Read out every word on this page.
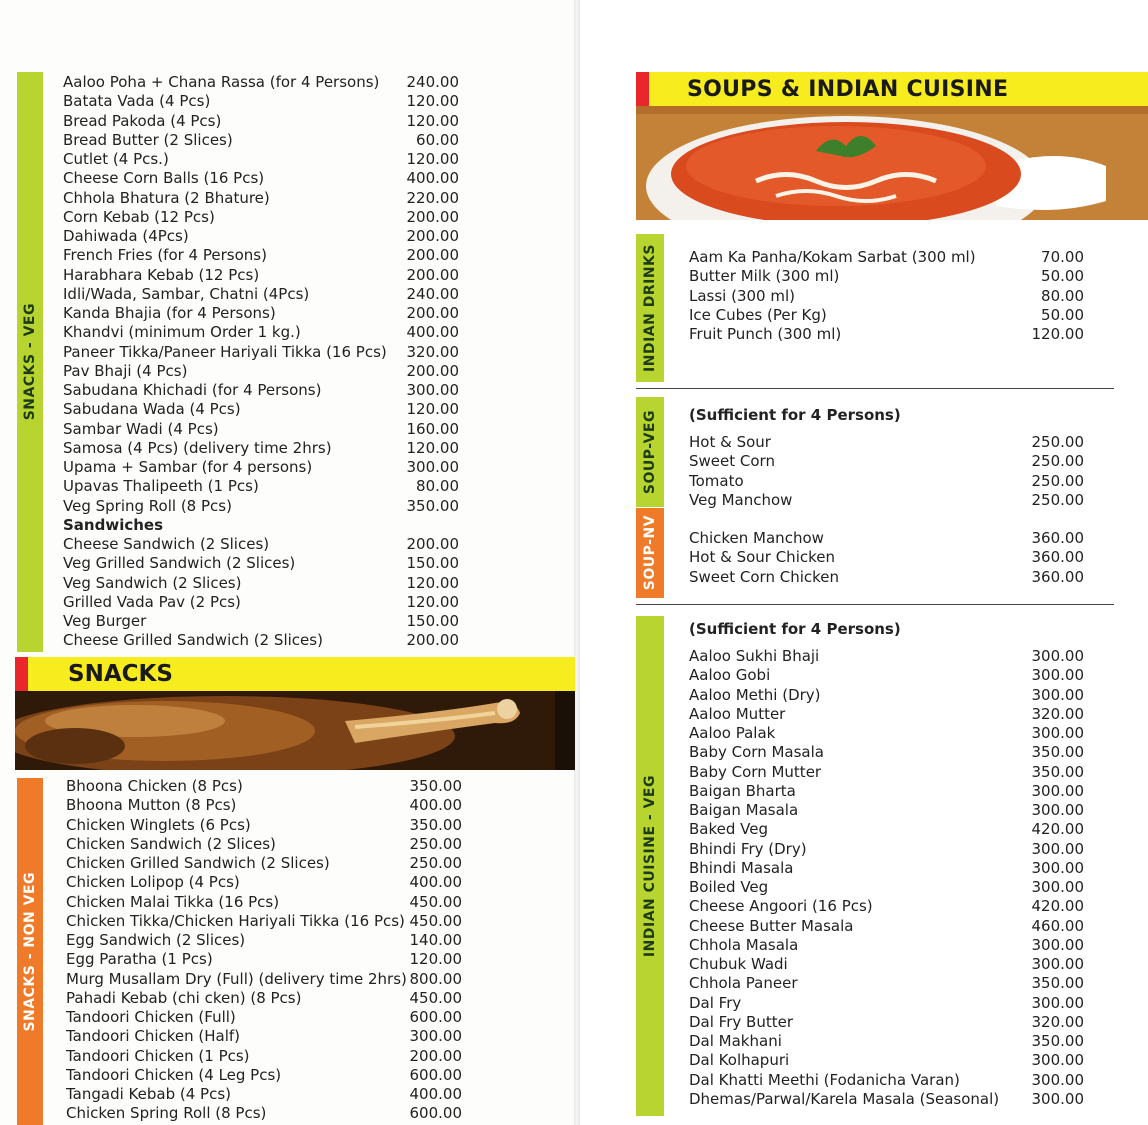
SNACKS - VEG
Aaloo Poha + Chana Rassa (for 4 Persons) 240.00
Batata Vada (4 Pcs)	120.00
Bread Pakoda (4 Pcs)	120.00
Bread Butter (2 Slices)	60.00
Cutlet (4 Pcs.)	120.00
Cheese Corn Balls (16 Pcs)	400.00
Chhola Bhatura (2 Bhature)	220.00
Corn Kebab (12 Pcs)	200.00
Dahiwada (4Pcs)	200.00
French Fries (for 4 Persons)	200.00
Harabhara Kebab (12 Pcs)	200.00
Idli/Wada, Sambar, Chatni (4Pcs)	240.00
Kanda Bhajia (for 4 Persons)	200.00
Khandvi (minimum Order 1 kg.)	400.00
Paneer Tikka/Paneer Hariyali Tikka (16 Pcs) 320.00
Pav Bhaji (4 Pcs)	200.00
Sabudana Khichadi (for 4 Persons)	300.00
Sabudana Wada (4 Pcs)	120.00
Sambar Wadi (4 Pcs)	160.00
Samosa (4 Pcs) (delivery time 2hrs)	120.00
Upama + Sambar (for 4 persons)	300.00
Upavas Thalipeeth (1 Pcs)	80.00
Veg Spring Roll (8 Pcs)	350.00
Sandwiches
Cheese Sandwich (2 Slices)	200.00
Veg Grilled Sandwich (2 Slices)	150.00
Veg Sandwich (2 Slices)	120.00
Grilled Vada Pav (2 Pcs)	120.00
Veg Burger	150.00
Cheese Grilled Sandwich (2 Slices)	200.00
SNACKS
SNACKS - NON VEG
Bhoona Chicken (8 Pcs)	350.00
Bhoona Mutton (8 Pcs)	400.00
Chicken Winglets (6 Pcs)	350.00
Chicken Sandwich (2 Slices)	250.00
Chicken Grilled Sandwich (2 Slices)	250.00
Chicken Lolipop (4 Pcs)	400.00
Chicken Malai Tikka (16 Pcs)	450.00
Chicken Tikka/Chicken Hariyali Tikka (16 Pcs) 450.00
Egg Sandwich (2 Slices)	140.00
Egg Paratha (1 Pcs)	120.00
Murg Musallam Dry (Full) (delivery time 2hrs) 800.00
Pahadi Kebab (chi cken) (8 Pcs)	450.00
Tandoori Chicken (Full)	600.00
Tandoori Chicken (Half)	300.00
Tandoori Chicken (1 Pcs)	200.00
Tandoori Chicken (4 Leg Pcs)	600.00
Tangadi Kebab (4 Pcs)	400.00
Chicken Spring Roll (8 Pcs)	600.00
SOUPS & INDIAN CUISINE
INDIAN DRINKS Aam Ka Panha/Kokam Sarbat (300 ml)	70.00
Butter Milk (300 ml)	50.00
Lassi (300 ml)	80.00
Ice Cubes (Per Kg)	50.00
Fruit Punch (300 ml)	120.00
SOUP-VEG (Sufficient for 4 Persons)
Hot & Sour	250.00
Sweet Corn	250.00
Tomato	250.00
Veg Manchow	250.00
SOUP-NV Chicken Manchow	360.00
Hot & Sour Chicken	360.00
Sweet Corn Chicken	360.00
INDIAN CUISINE - VEG
(Sufficient for 4 Persons)
Aaloo Sukhi Bhaji	300.00
Aaloo Gobi	300.00
Aaloo Methi (Dry)	300.00
Aaloo Mutter	320.00
Aaloo Palak	300.00
Baby Corn Masala	350.00
Baby Corn Mutter	350.00
Baigan Bharta	300.00
Baigan Masala	300.00
Baked Veg	420.00
Bhindi Fry (Dry)	300.00
Bhindi Masala	300.00
Boiled Veg	300.00
Cheese Angoori (16 Pcs)	420.00
Cheese Butter Masala	460.00
Chhola Masala	300.00
Chubuk Wadi	300.00
Chhola Paneer	350.00
Dal Fry	300.00
Dal Fry Butter	320.00
Dal Makhani	350.00
Dal Kolhapuri	300.00
Dal Khatti Meethi (Fodanicha Varan)	300.00
Dhemas/Parwal/Karela Masala (Seasonal)	300.00
